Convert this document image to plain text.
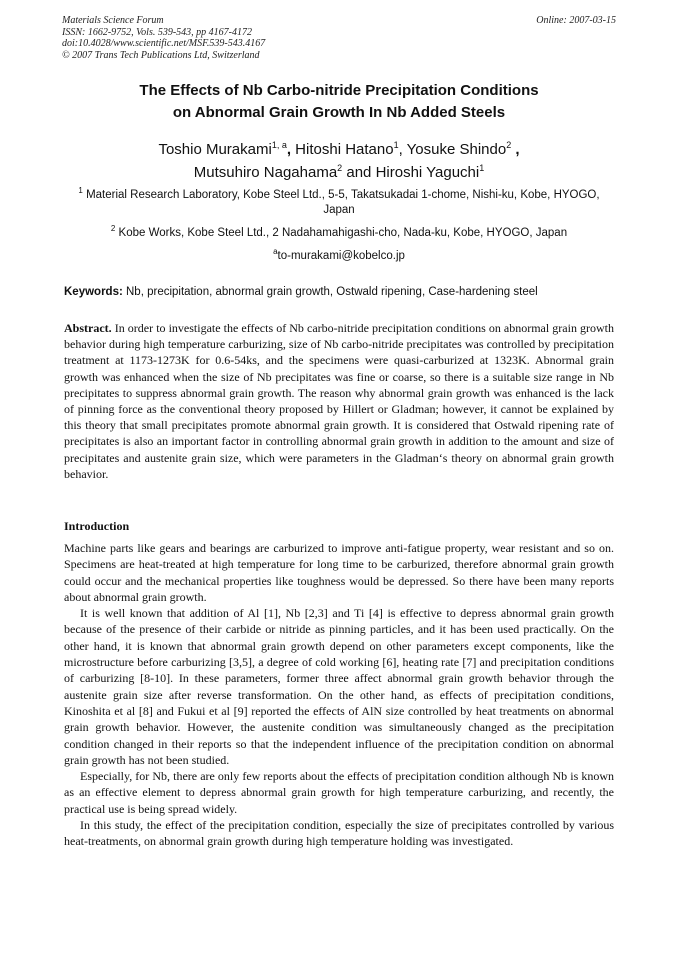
Materials Science Forum
ISSN: 1662-9752, Vols. 539-543, pp 4167-4172
doi:10.4028/www.scientific.net/MSF.539-543.4167
© 2007 Trans Tech Publications Ltd, Switzerland
Online: 2007-03-15
The Effects of Nb Carbo-nitride Precipitation Conditions
on Abnormal Grain Growth In Nb Added Steels
Toshio Murakami$^{1, a}$, Hitoshi Hatano$^1$, Yosuke Shindo$^2$ ,
Mutsuhiro Nagahama$^2$ and Hiroshi Yaguchi$^1$
$^1$ Material Research Laboratory, Kobe Steel Ltd., 5-5, Takatsukadai 1-chome, Nishi-ku, Kobe, HYOGO, Japan
$^2$ Kobe Works, Kobe Steel Ltd., 2 Nadahamahigashi-cho, Nada-ku, Kobe, HYOGO, Japan
$^a$to-murakami@kobelco.jp
Keywords: Nb, precipitation, abnormal grain growth, Ostwald ripening, Case-hardening steel

Abstract. In order to investigate the effects of Nb carbo-nitride precipitation conditions on abnormal grain growth behavior during high temperature carburizing, size of Nb carbo-nitride precipitates was controlled by precipitation treatment at 1173-1273K for 0.6-54ks, and the specimens were quasi-carburized at 1323K. Abnormal grain growth was enhanced when the size of Nb precipitates was fine or coarse, so there is a suitable size range in Nb precipitates to suppress abnormal grain growth. The reason why abnormal grain growth was enhanced is the lack of pinning force as the conventional theory proposed by Hillert or Gladman; however, it cannot be explained by this theory that small precipitates promote abnormal grain growth. It is considered that Ostwald ripening rate of precipitates is also an important factor in controlling abnormal grain growth in addition to the amount and size of precipitates and austenite grain size, which were parameters in the Gladman‘s theory on abnormal grain growth behavior.

Introduction

Machine parts like gears and bearings are carburized to improve anti-fatigue property, wear resistant and so on. Specimens are heat-treated at high temperature for long time to be carburized, therefore abnormal grain growth could occur and the mechanical properties like toughness would be depressed. So there have been many reports about abnormal grain growth.

It is well known that addition of Al [1], Nb [2,3] and Ti [4] is effective to depress abnormal grain growth because of the presence of their carbide or nitride as pinning particles, and it has been used practically. On the other hand, it is known that abnormal grain growth depend on other parameters except components, like the microstructure before carburizing [3,5], a degree of cold working [6], heating rate [7] and precipitation conditions of carburizing [8-10]. In these parameters, former three affect abnormal grain growth behavior through the austenite grain size after reverse transformation. On the other hand, as effects of precipitation conditions, Kinoshita et al [8] and Fukui et al [9] reported the effects of AlN size controlled by heat treatments on abnormal grain growth behavior. However, the austenite condition was simultaneously changed as the precipitation condition changed in their reports so that the independent influence of the precipitation condition on abnormal grain growth has not been studied.

Especially, for Nb, there are only few reports about the effects of precipitation condition although Nb is known as an effective element to depress abnormal grain growth for high temperature carburizing, and recently, the practical use is being spread widely.

In this study, the effect of the precipitation condition, especially the size of precipitates controlled by various heat-treatments, on abnormal grain growth during high temperature holding was investigated.
